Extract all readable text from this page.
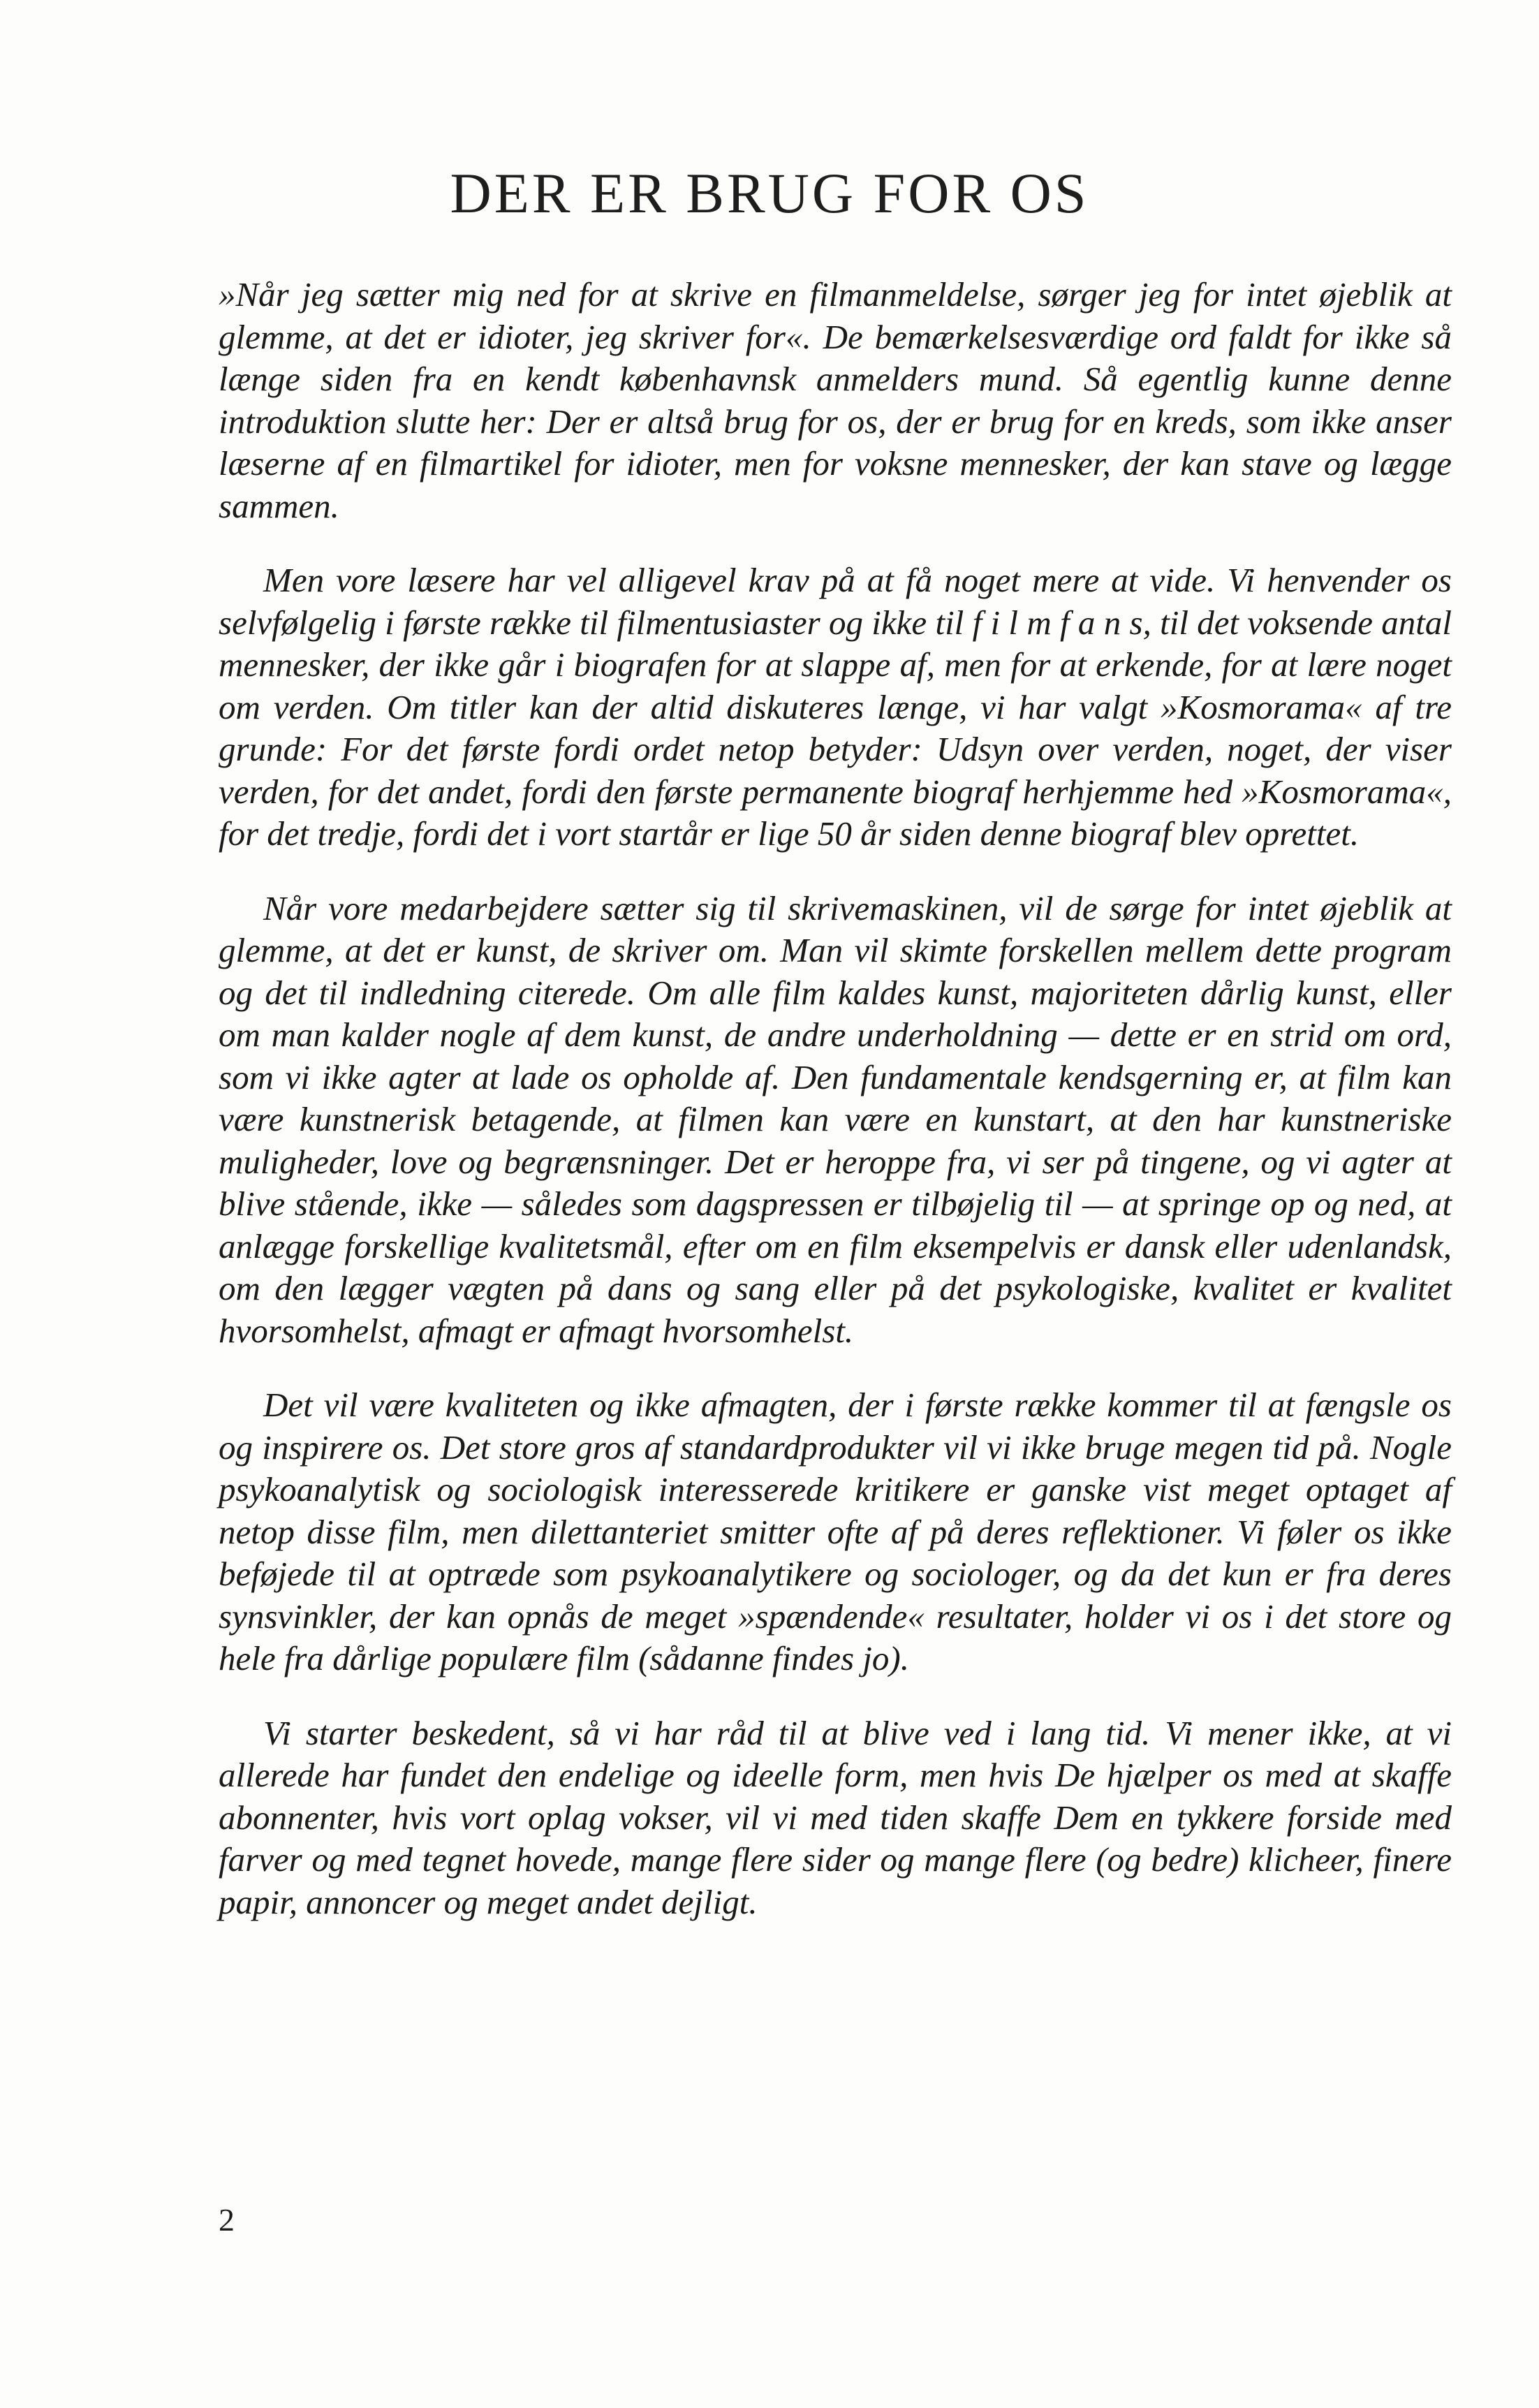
DER ER BRUG FOR OS

»Når jeg sætter mig ned for at skrive en filmanmeldelse, sørger jeg for intet øjeblik at glemme, at det er idioter, jeg skriver for«. De bemærkelsesværdige ord faldt for ikke så længe siden fra en kendt københavnsk anmelders mund. Så egentlig kunne denne introduktion slutte her: Der er altså brug for os, der er brug for en kreds, som ikke anser læserne af en filmartikel for idioter, men for voksne mennesker, der kan stave og lægge sammen.

Men vore læsere har vel alligevel krav på at få noget mere at vide. Vi henvender os selvfølgelig i første række til filmentusiaster og ikke til f i l m f a n s, til det voksende antal mennesker, der ikke går i biografen for at slappe af, men for at erkende, for at lære noget om verden. Om titler kan der altid diskuteres længe, vi har valgt »Kosmorama« af tre grunde: For det første fordi ordet netop betyder: Udsyn over verden, noget, der viser verden, for det andet, fordi den første permanente biograf herhjemme hed »Kosmorama«, for det tredje, fordi det i vort startår er lige 50 år siden denne biograf blev oprettet.

Når vore medarbejdere sætter sig til skrivemaskinen, vil de sørge for intet øjeblik at glemme, at det er kunst, de skriver om. Man vil skimte forskellen mellem dette program og det til indledning citerede. Om alle film kaldes kunst, majoriteten dårlig kunst, eller om man kalder nogle af dem kunst, de andre underholdning — dette er en strid om ord, som vi ikke agter at lade os opholde af. Den fundamentale kendsgerning er, at film kan være kunstnerisk betagende, at filmen kan være en kunstart, at den har kunstneriske muligheder, love og begrænsninger. Det er heroppe fra, vi ser på tingene, og vi agter at blive stående, ikke — således som dagspressen er tilbøjelig til — at springe op og ned, at anlægge forskellige kvalitetsmål, efter om en film eksempelvis er dansk eller udenlandsk, om den lægger vægten på dans og sang eller på det psykologiske, kvalitet er kvalitet hvorsomhelst, afmagt er afmagt hvorsomhelst.

Det vil være kvaliteten og ikke afmagten, der i første række kommer til at fængsle os og inspirere os. Det store gros af standardprodukter vil vi ikke bruge megen tid på. Nogle psykoanalytisk og sociologisk interesserede kritikere er ganske vist meget optaget af netop disse film, men dilettanteriet smitter ofte af på deres reflektioner. Vi føler os ikke beføjede til at optræde som psykoanalytikere og sociologer, og da det kun er fra deres synsvinkler, der kan opnås de meget »spændende« resultater, holder vi os i det store og hele fra dårlige populære film (sådanne findes jo).

Vi starter beskedent, så vi har råd til at blive ved i lang tid. Vi mener ikke, at vi allerede har fundet den endelige og ideelle form, men hvis De hjælper os med at skaffe abonnenter, hvis vort oplag vokser, vil vi med tiden skaffe Dem en tykkere forside med farver og med tegnet hovede, mange flere sider og mange flere (og bedre) klicheer, finere papir, annoncer og meget andet dejligt.

2
